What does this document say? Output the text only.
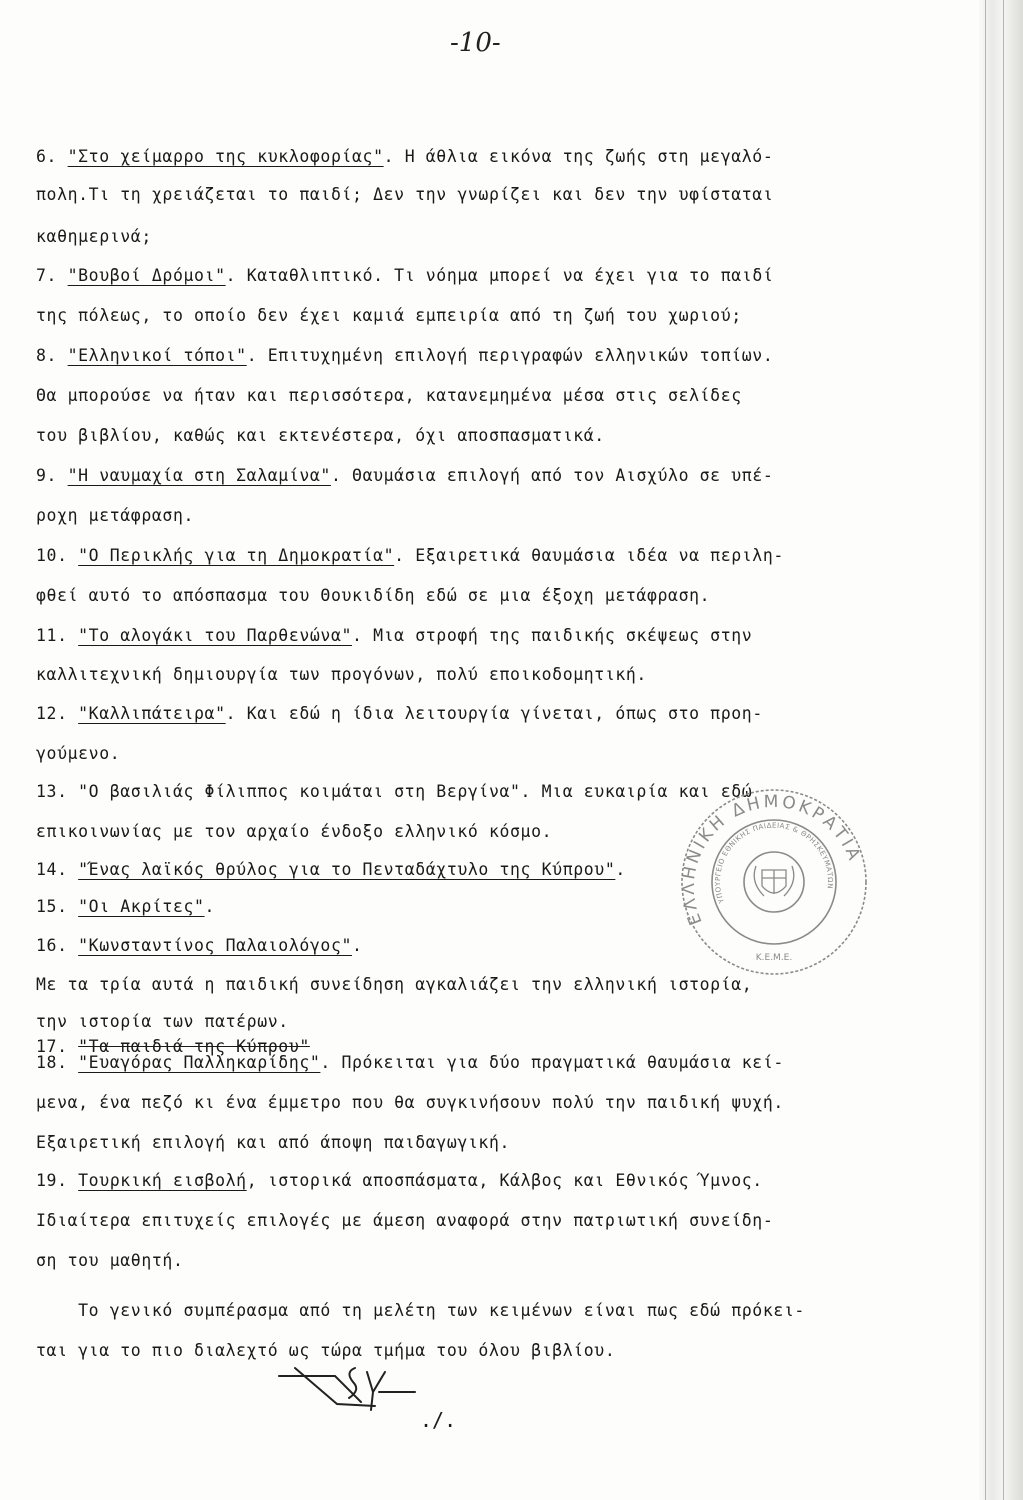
-10-
6. "Στο χείμαρρο της κυκλοφορίας". Η άθλια εικόνα της ζωής στη μεγαλό-
πολη.Τι τη χρειάζεται το παιδί; Δεν την γνωρίζει και δεν την υφίσταται
καθημερινά;
7. "Βουβοί Δρόμοι". Καταθλιπτικό. Τι νόημα μπορεί να έχει για το παιδί
της πόλεως, το οποίο δεν έχει καμιά εμπειρία από τη ζωή του χωριού;
8. "Ελληνικοί τόποι". Επιτυχημένη επιλογή περιγραφών ελληνικών τοπίων.
Θα μπορούσε να ήταν και περισσότερα, κατανεμημένα μέσα στις σελίδες
του βιβλίου, καθώς και εκτενέστερα, όχι αποσπασματικά.
9. "Η ναυμαχία στη Σαλαμίνα". Θαυμάσια επιλογή από τον Αισχύλο σε υπέ-
ροχη μετάφραση.
10. "Ο Περικλής για τη Δημοκρατία". Εξαιρετικά θαυμάσια ιδέα να περιλη-
φθεί αυτό το απόσπασμα του Θουκιδίδη εδώ σε μια έξοχη μετάφραση.
11. "Το αλογάκι του Παρθενώνα". Μια στροφή της παιδικής σκέψεως στην
καλλιτεχνική δημιουργία των προγόνων, πολύ εποικοδομητική.
12. "Καλλιπάτειρα". Και εδώ η ίδια λειτουργία γίνεται, όπως στο προη-
γούμενο.
13. "Ο βασιλιάς Φίλιππος κοιμάται στη Βεργίνα". Μια ευκαιρία και εδώ
επικοινωνίας με τον αρχαίο ένδοξο ελληνικό κόσμο.
14. "Ένας λαϊκός θρύλος για το Πενταδάχτυλο της Κύπρου".
15. "Οι Ακρίτες".
16. "Κωνσταντίνος Παλαιολόγος".
Με τα τρία αυτά η παιδική συνείδηση αγκαλιάζει την ελληνική ιστορία,
την ιστορία των πατέρων.
17. "Τα παιδιά της Κύπρου"
18. "Ευαγόρας Παλληκαρίδης". Πρόκειται για δύο πραγματικά θαυμάσια κεί-
μενα, ένα πεζό κι ένα έμμετρο που θα συγκινήσουν πολύ την παιδική ψυχή.
Εξαιρετική επιλογή και από άποψη παιδαγωγική.
19. Τουρκική εισβολή, ιστορικά αποσπάσματα, Κάλβος και Εθνικός Ύμνος.
Ιδιαίτερα επιτυχείς επιλογές με άμεση αναφορά στην πατριωτική συνείδη-
ση του μαθητή.
Το γενικό συμπέρασμα από τη μελέτη των κειμένων είναι πως εδώ πρόκει-
ται για το πιο διαλεχτό ως τώρα τμήμα του όλου βιβλίου.
ΕΛΛΗΝΙΚΗ ΔΗΜΟΚΡΑΤΙΑ
ΥΠΟΥΡΓΕΙΟ ΕΘΝΙΚΗΣ ΠΑΙΔΕΙΑΣ & ΘΡΗΣΚΕΥΜΑΤΩΝ
Κ.Ε.Μ.Ε.
./.
